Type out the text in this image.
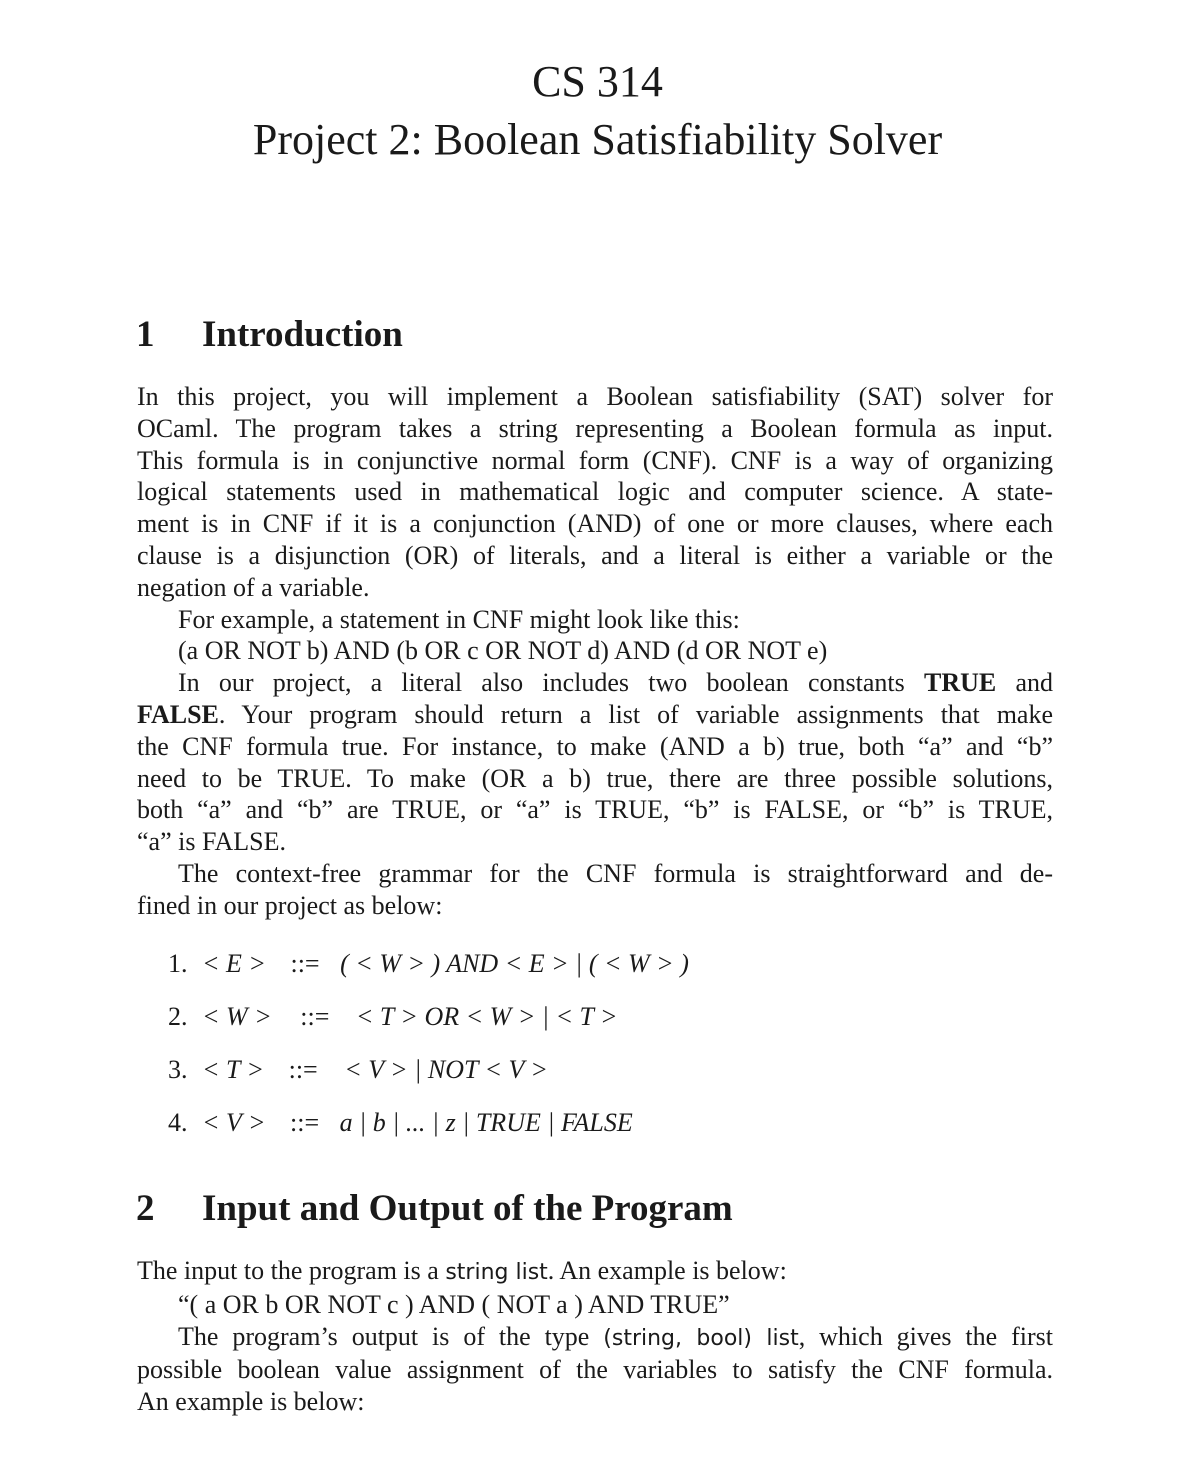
CS 314
Project 2: Boolean Satisfiability Solver
1 Introduction
In this project, you will implement a Boolean satisfiability (SAT) solver for
OCaml. The program takes a string representing a Boolean formula as input.
This formula is in conjunctive normal form (CNF). CNF is a way of organizing
logical statements used in mathematical logic and computer science. A state-
ment is in CNF if it is a conjunction (AND) of one or more clauses, where each
clause is a disjunction (OR) of literals, and a literal is either a variable or the
negation of a variable.
For example, a statement in CNF might look like this:
(a OR NOT b) AND (b OR c OR NOT d) AND (d OR NOT e)
In our project, a literal also includes two boolean constants TRUE and
FALSE. Your program should return a list of variable assignments that make
the CNF formula true. For instance, to make (AND a b) true, both “a” and “b”
need to be TRUE. To make (OR a b) true, there are three possible solutions,
both “a” and “b” are TRUE, or “a” is TRUE, “b” is FALSE, or “b” is TRUE,
“a” is FALSE.
The context-free grammar for the CNF formula is straightforward and de-
fined in our project as below:
1. < E > ::= ( < W > ) AND < E > | ( < W > )
2. < W > ::= < T > OR < W > | < T >
3. < T > ::= < V > | NOT < V >
4. < V > ::= a | b | ... | z | TRUE | FALSE
2 Input and Output of the Program
The input to the program is a string list. An example is below:
“( a OR b OR NOT c ) AND ( NOT a ) AND TRUE”
The program’s output is of the type (string, bool) list, which gives the first
possible boolean value assignment of the variables to satisfy the CNF formula.
An example is below:
